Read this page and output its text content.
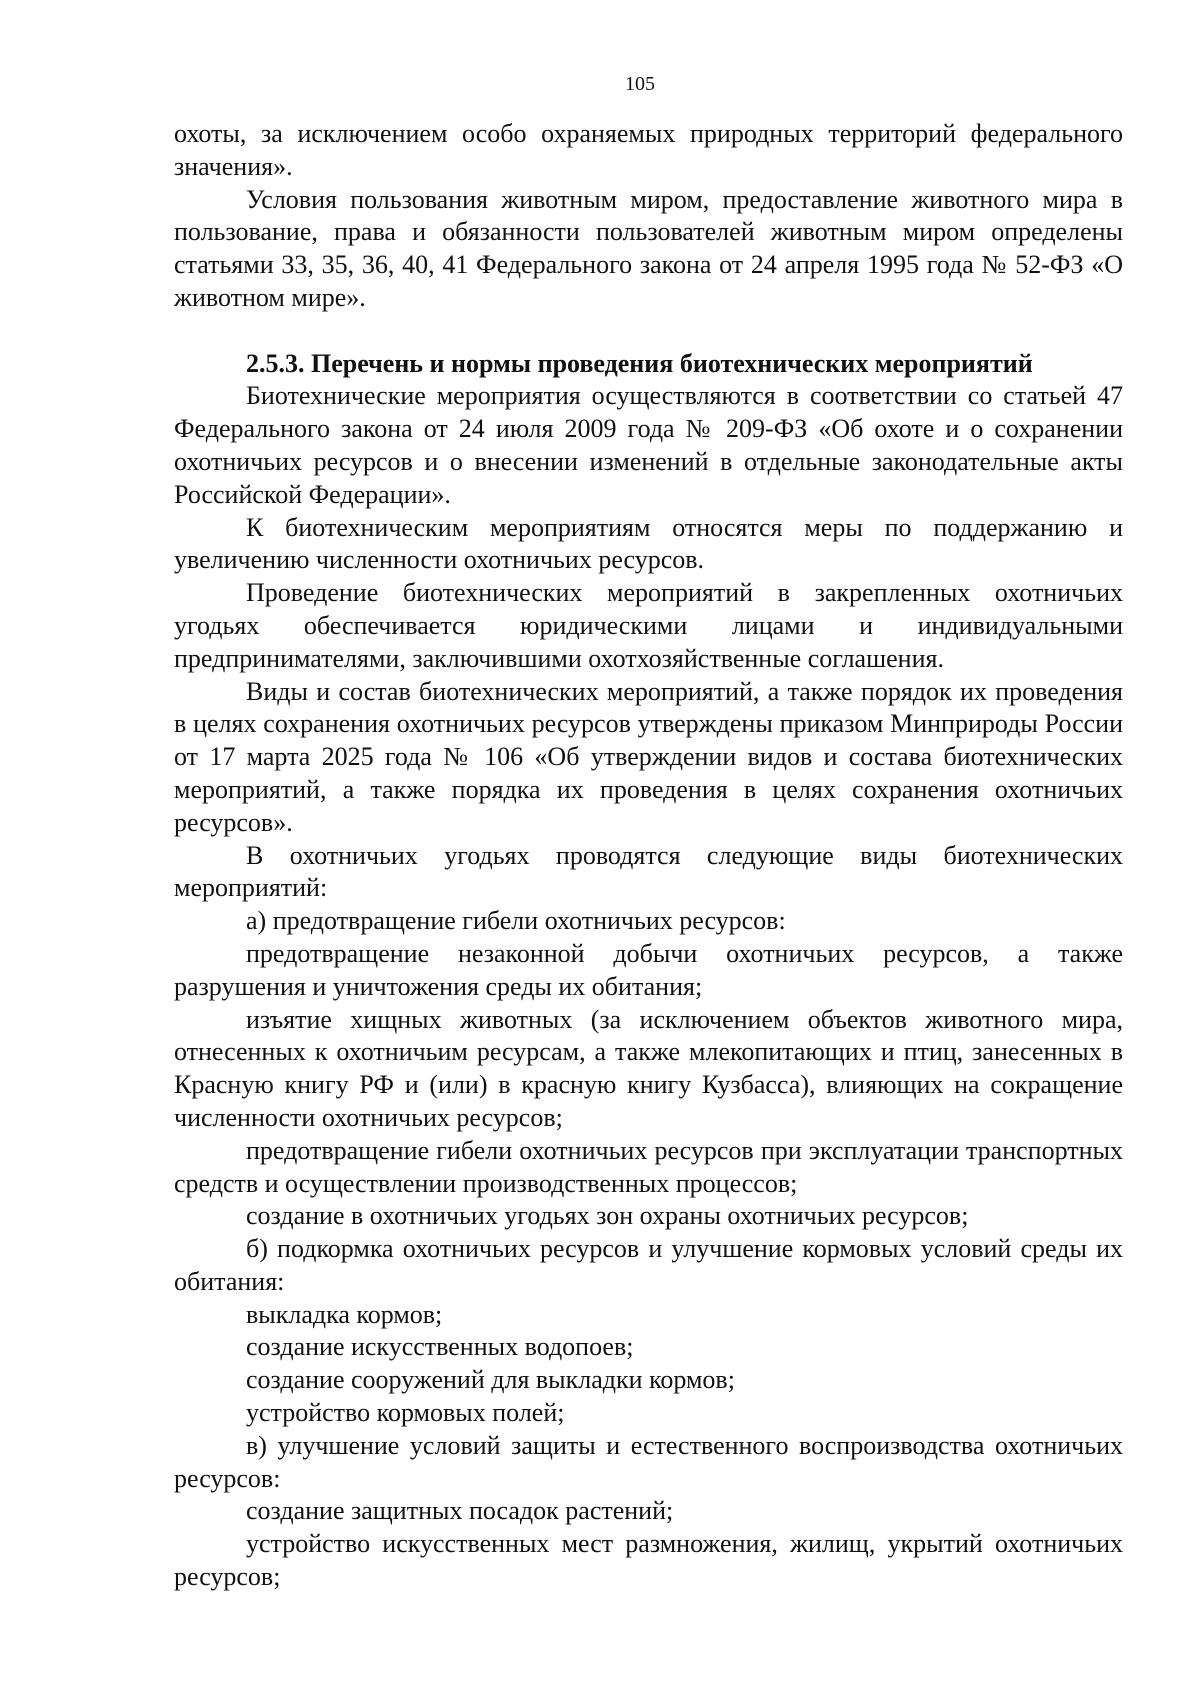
105

охоты, за исключением особо охраняемых природных территорий федерального значения».

Условия пользования животным миром, предоставление животного мира в пользование, права и обязанности пользователей животным миром определены статьями 33, 35, 36, 40, 41 Федерального закона от 24 апреля 1995 года № 52-ФЗ «О животном мире».

2.5.3. Перечень и нормы проведения биотехнических мероприятий

Биотехнические мероприятия осуществляются в соответствии со статьей 47 Федерального закона от 24 июля 2009 года № 209-ФЗ «Об охоте и о сохранении охотничьих ресурсов и о внесении изменений в отдельные законодательные акты Российской Федерации».

К биотехническим мероприятиям относятся меры по поддержанию и увеличению численности охотничьих ресурсов.

Проведение биотехнических мероприятий в закрепленных охотничьих угодьях обеспечивается юридическими лицами и индивидуальными предпринимателями, заключившими охотхозяйственные соглашения.

Виды и состав биотехнических мероприятий, а также порядок их проведения в целях сохранения охотничьих ресурсов утверждены приказом Минприроды России от 17 марта 2025 года № 106 «Об утверждении видов и состава биотехнических мероприятий, а также порядка их проведения в целях сохранения охотничьих ресурсов».

В охотничьих угодьях проводятся следующие виды биотехнических мероприятий:

а) предотвращение гибели охотничьих ресурсов:

предотвращение незаконной добычи охотничьих ресурсов, а также разрушения и уничтожения среды их обитания;

изъятие хищных животных (за исключением объектов животного мира, отнесенных к охотничьим ресурсам, а также млекопитающих и птиц, занесенных в Красную книгу РФ и (или) в красную книгу Кузбасса), влияющих на сокращение численности охотничьих ресурсов;

предотвращение гибели охотничьих ресурсов при эксплуатации транспортных средств и осуществлении производственных процессов;

создание в охотничьих угодьях зон охраны охотничьих ресурсов;

б) подкормка охотничьих ресурсов и улучшение кормовых условий среды их обитания:

выкладка кормов;

создание искусственных водопоев;

создание сооружений для выкладки кормов;

устройство кормовых полей;

в) улучшение условий защиты и естественного воспроизводства охотничьих ресурсов:

создание защитных посадок растений;

устройство искусственных мест размножения, жилищ, укрытий охотничьих ресурсов;
